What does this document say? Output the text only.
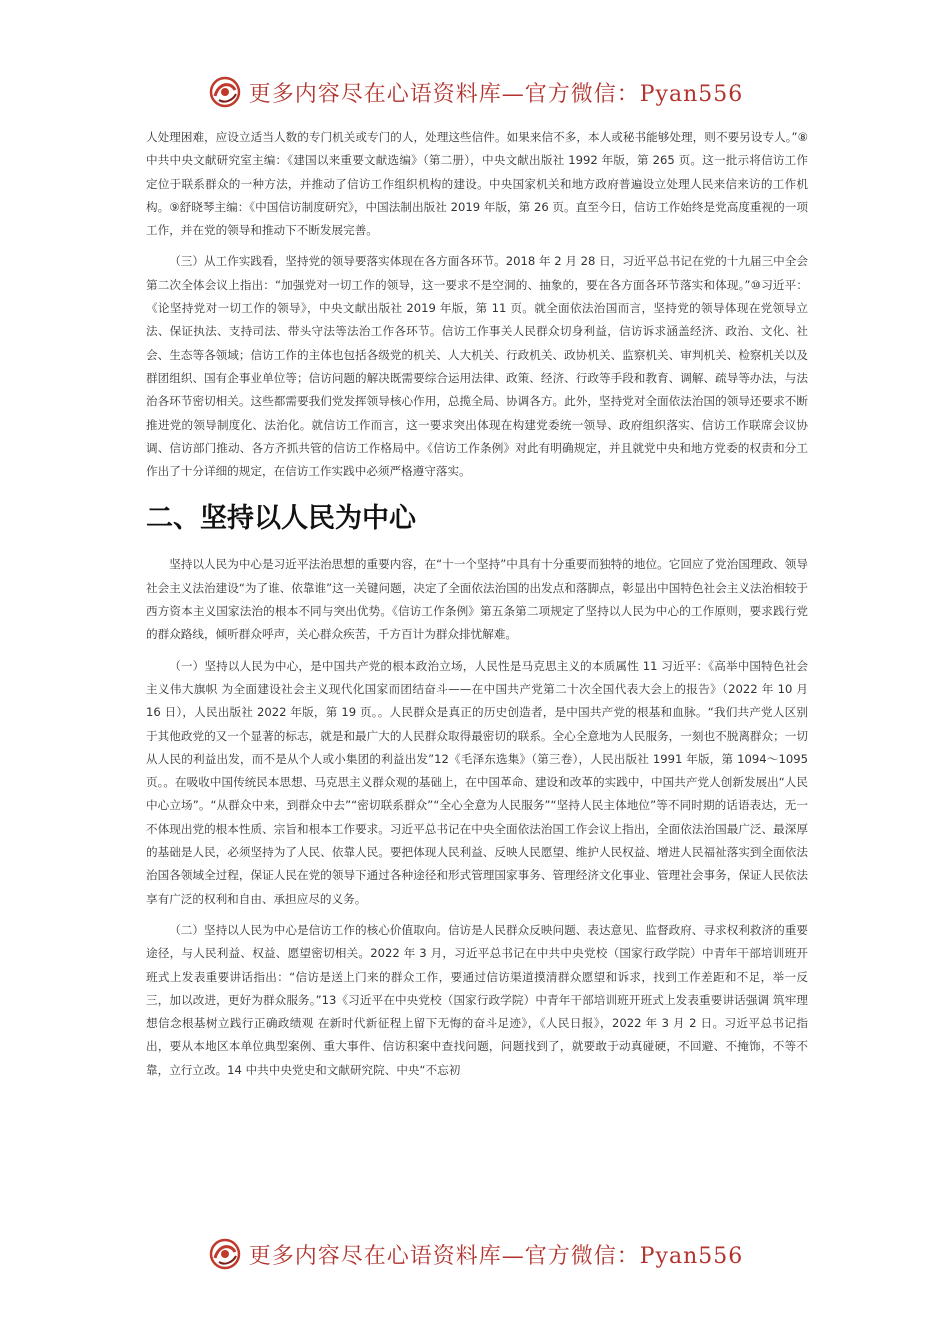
更多内容尽在心语资料库—官方微信：Pyan556

人处理困难，应设立适当人数的专门机关或专门的人，处理这些信件。如果来信不多，本人或秘书能够处理，则不要另设专人。”⑧中共中央文献研究室主编：《建国以来重要文献选编》（第二册），中央文献出版社 1992 年版，第 265 页。这一批示将信访工作定位于联系群众的一种方法，并推动了信访工作组织机构的建设。中央国家机关和地方政府普遍设立处理人民来信来访的工作机构。⑨舒晓琴主编：《中国信访制度研究》，中国法制出版社 2019 年版，第 26 页。直至今日，信访工作始终是党高度重视的一项工作，并在党的领导和推动下不断发展完善。

（三）从工作实践看，坚持党的领导要落实体现在各方面各环节。2018 年 2 月 28 日，习近平总书记在党的十九届三中全会第二次全体会议上指出：“加强党对一切工作的领导，这一要求不是空洞的、抽象的，要在各方面各环节落实和体现。”⑩习近平：《论坚持党对一切工作的领导》，中央文献出版社 2019 年版，第 11 页。就全面依法治国而言，坚持党的领导体现在党领导立法、保证执法、支持司法、带头守法等法治工作各环节。信访工作事关人民群众切身利益，信访诉求涵盖经济、政治、文化、社会、生态等各领域；信访工作的主体也包括各级党的机关、人大机关、行政机关、政协机关、监察机关、审判机关、检察机关以及群团组织、国有企事业单位等；信访问题的解决既需要综合运用法律、政策、经济、行政等手段和教育、调解、疏导等办法，与法治各环节密切相关。这些都需要我们党发挥领导核心作用，总揽全局、协调各方。此外，坚持党对全面依法治国的领导还要求不断推进党的领导制度化、法治化。就信访工作而言，这一要求突出体现在构建党委统一领导、政府组织落实、信访工作联席会议协调、信访部门推动、各方齐抓共管的信访工作格局中。《信访工作条例》对此有明确规定，并且就党中央和地方党委的权责和分工作出了十分详细的规定，在信访工作实践中必须严格遵守落实。

二、坚持以人民为中心

坚持以人民为中心是习近平法治思想的重要内容，在“十一个坚持”中具有十分重要而独特的地位。它回应了党治国理政、领导社会主义法治建设“为了谁、依靠谁”这一关键问题，决定了全面依法治国的出发点和落脚点，彰显出中国特色社会主义法治相较于西方资本主义国家法治的根本不同与突出优势。《信访工作条例》第五条第二项规定了坚持以人民为中心的工作原则，要求践行党的群众路线，倾听群众呼声，关心群众疾苦，千方百计为群众排忧解难。

（一）坚持以人民为中心，是中国共产党的根本政治立场，人民性是马克思主义的本质属性 11 习近平：《高举中国特色社会主义伟大旗帜 为全面建设社会主义现代化国家而团结奋斗——在中国共产党第二十次全国代表大会上的报告》（2022 年 10 月 16 日），人民出版社 2022 年版，第 19 页。。人民群众是真正的历史创造者，是中国共产党的根基和血脉。“我们共产党人区别于其他政党的又一个显著的标志，就是和最广大的人民群众取得最密切的联系。全心全意地为人民服务，一刻也不脱离群众；一切从人民的利益出发，而不是从个人或小集团的利益出发”12《毛泽东选集》（第三卷），人民出版社 1991 年版，第 1094～1095 页。。在吸收中国传统民本思想、马克思主义群众观的基础上，在中国革命、建设和改革的实践中，中国共产党人创新发展出“人民中心立场”。“从群众中来，到群众中去”“密切联系群众”“全心全意为人民服务”“坚持人民主体地位”等不同时期的话语表达，无一不体现出党的根本性质、宗旨和根本工作要求。习近平总书记在中央全面依法治国工作会议上指出，全面依法治国最广泛、最深厚的基础是人民，必须坚持为了人民、依靠人民。要把体现人民利益、反映人民愿望、维护人民权益、增进人民福祉落实到全面依法治国各领域全过程，保证人民在党的领导下通过各种途径和形式管理国家事务、管理经济文化事业、管理社会事务，保证人民依法享有广泛的权利和自由、承担应尽的义务。

（二）坚持以人民为中心是信访工作的核心价值取向。信访是人民群众反映问题、表达意见、监督政府、寻求权利救济的重要途径，与人民利益、权益、愿望密切相关。2022 年 3 月，习近平总书记在中共中央党校（国家行政学院）中青年干部培训班开班式上发表重要讲话指出：“信访是送上门来的群众工作，要通过信访渠道摸清群众愿望和诉求，找到工作差距和不足，举一反三，加以改进，更好为群众服务。”13《习近平在中央党校（国家行政学院）中青年干部培训班开班式上发表重要讲话强调 筑牢理想信念根基树立践行正确政绩观 在新时代新征程上留下无悔的奋斗足迹》，《人民日报》，2022 年 3 月 2 日。习近平总书记指出，要从本地区本单位典型案例、重大事件、信访积案中查找问题，问题找到了，就要敢于动真碰硬，不回避、不掩饰，不等不靠，立行立改。14 中共中央党史和文献研究院、中央“不忘初

更多内容尽在心语资料库—官方微信：Pyan556
